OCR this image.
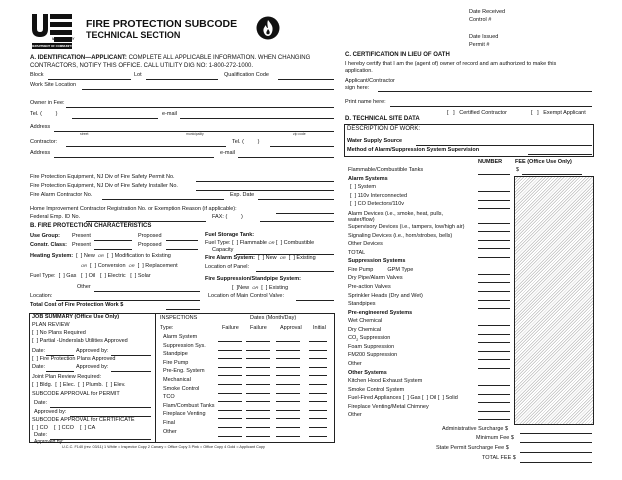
NEW JERSEY
DEPARTMENT OF COMMUNITY AFFAIRS
DCA
FIRE PROTECTION SUBCODE
TECHNICAL SECTION
Date Received
Control #
Date Issued
Permit #
A. IDENTIFICATION—APPLICANT: COMPLETE ALL APPLICABLE INFORMATION. WHEN CHANGING
CONTRACTORS, NOTIFY THIS OFFICE. CALL UTILITY DIG NO: 1-800-272-1000.
Block	Lot	Qualification Code
Work Site Location
Owner in Fee:
Tel. (         )	e-mail
Address
street	municipality	zip code
Contractor:	Tel. (         )
Address	e-mail
Fire Protection Equipment, NJ Div of Fire Safety Permit No.
Fire Protection Equipment, NJ Div of Fire Safety Installer No.
Fire Alarm Contractor No.	Exp. Date
Home Improvement Contractor Registration No. or Exemption Reason (if applicable):
Federal Emp. ID No.	FAX: (         )
B. FIRE PROTECTION CHARACTERISTICS
Use Group: Present	Proposed
Constr. Class: Present	Proposed
Heating System:  [  ] New OR  [  ] Modification to Existing
OR  [  ] Conversion OR  [  ] Replacement
Fuel Type:  [  ] Gas   [  ] Oil   [  ] Electric   [  ] Solar
Other
Location:
Total Cost of Fire Protection Work $
Fuel Storage Tank:
Fuel Type: [  ] Flammable OR [  ] Combustible
Capacity
Fire Alarm System:  [  ] New OR  [  ] Existing
Location of Panel:
Fire Suppression/Standpipe System:
[  ]New OR  [  ] Existing
Location of Main Control Valve:
JOB SUMMARY (Office Use Only)
PLAN REVIEW
[  ] No Plans Required
[  ] Partial -Underslab Utilities Approved
Date:	Approved by:
[  ] Fire Protection Plans Approved
Date:	Approved by:
Joint Plan Review Required:
[  ] Bldg.  [  ] Elec.  [  ] Plumb.  [  ] Elev.
SUBCODE APPROVAL for PERMIT
Date:
Approved by:
SUBCODE APPROVAL for CERTIFICATE
[  ] CO    [  ] CCO    [  ] CA
Date:
Approved by:
INSPECTIONS	Dates (Month/Day)
Type:	Failure Failure Approval Initial
Alarm System
Suppression Sys.
Standpipe
Fire Pump
Pre-Eng. System
Mechanical
Smoke Control
TCO
Flam/Combust Tanks
Fireplace Venting
Final
Other
C. CERTIFICATION IN LIEU OF OATH
I hereby certify that I am the (agent of) owner of record and am authorized to make this
application.
Applicant/Contractor
sign here:
Print name here:
[   ]   Certified Contractor	[   ]   Exempt Applicant
D. TECHNICAL SITE DATA
DESCRIPTION OF WORK:
Water Supply Source
Method of Alarm/Suppression System Supervision
NUMBER FEE (Office Use Only)
$
Flammable/Combustible Tanks
Alarm Systems
[  ] System
[  ] 110v Interconnected
[  ] CO Detectors/110v
Alarm Devices (i.e., smoke, heat, pulls,
water/flow)
Supervisory Devices (i.e., tampers, low/high air)
Signaling Devices (i.e., horn/strobes, bells)
Other Devices
TOTAL
Suppression Systems
Fire Pump	GPM Type
Dry Pipe/Alarm Valves
Pre-action Valves
Sprinkler Heads (Dry and Wet)
Standpipes
Pre-engineered Systems
Wet Chemical
Dry Chemical
$CO_2$ Suppression
Foam Suppression
FM200 Suppression
Other
Other Systems
Kitchen Hood Exhaust System
Smoke Control System
Fuel-Fired Appliances [  ] Gas [  ] Oil [  ] Solid
Fireplace Venting/Metal Chimney
Other
Administrative Surcharge $
Minimum Fee $
State Permit Surcharge Fee $
TOTAL FEE $
U.C.C. F140 (rev. 03/11) 1 White = Inspector Copy 2 Canary = Office Copy 3 Pink = Office Copy 4 Gold = Applicant Copy
